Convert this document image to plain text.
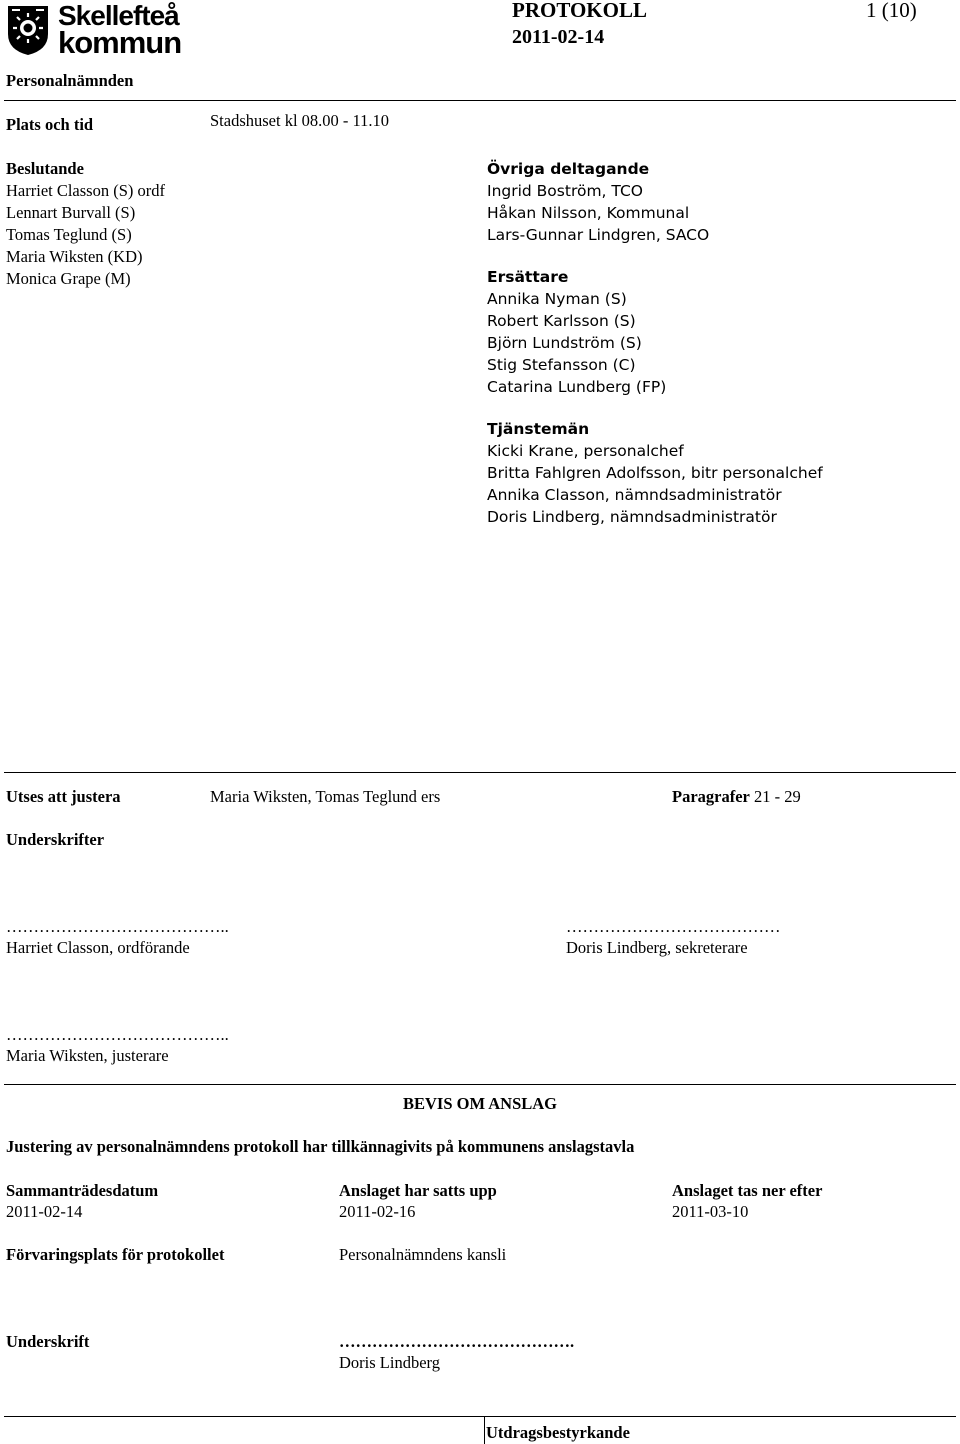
Skellefteå
kommun
PROTOKOLL	1 (10)
2011-02-14
Personalnämnden
Plats och tid	Stadshuset kl 08.00 - 11.10
Beslutande
Harriet Classon (S) ordf
Lennart Burvall (S)
Tomas Teglund (S)
Maria Wiksten (KD)
Monica Grape (M)
Övriga deltagande
Ingrid Boström, TCO
Håkan Nilsson, Kommunal
Lars-Gunnar Lindgren, SACO
Ersättare
Annika Nyman (S)
Robert Karlsson (S)
Björn Lundström (S)
Stig Stefansson (C)
Catarina Lundberg (FP)
Tjänstemän
Kicki Krane, personalchef
Britta Fahlgren Adolfsson, bitr personalchef
Annika Classon, nämndsadministratör
Doris Lindberg, nämndsadministratör
Utses att justera	Maria Wiksten, Tomas Teglund ers	Paragrafer 21 - 29
Underskrifter
…………………………………..
Harriet Classon, ordförande
…………………………………
Doris Lindberg, sekreterare
…………………………………..
Maria Wiksten, justerare
BEVIS OM ANSLAG
Justering av personalnämndens protokoll har tillkännagivits på kommunens anslagstavla
Sammanträdesdatum
2011-02-14
Anslaget har satts upp
2011-02-16
Anslaget tas ner efter
2011-03-10
Förvaringsplats för protokollet	Personalnämndens kansli
Underskrift	…………………………………….
Doris Lindberg
Utdragsbestyrkande
